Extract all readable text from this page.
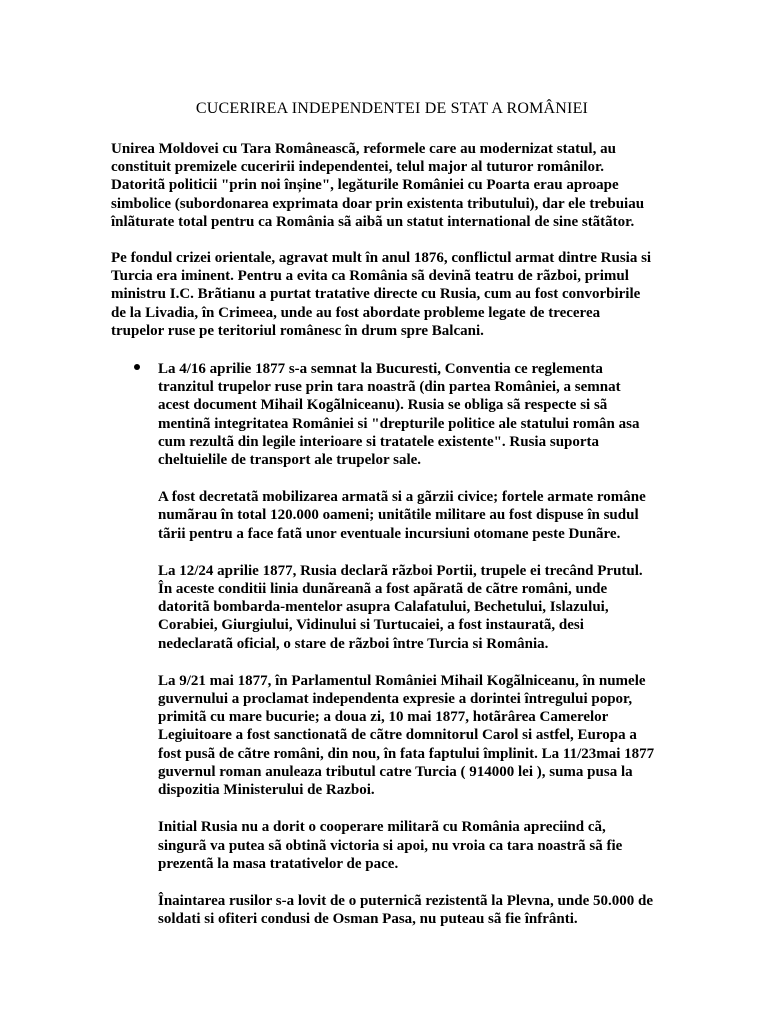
CUCERIREA INDEPENDENTEI DE STAT A ROMÂNIEI

Unirea Moldovei cu Tara Româneascã, reformele care au modernizat statul, au constituit premizele cuceririi independentei, telul major al tuturor românilor. Datoritã politicii "prin noi înșine", legăturile României cu Poarta erau aproape simbolice (subordonarea exprimata doar prin existenta tributului), dar ele trebuiau înlãturate total pentru ca România sã aibã un statut international de sine stãtãtor.

Pe fondul crizei orientale, agravat mult în anul 1876, conflictul armat dintre Rusia si Turcia era iminent. Pentru a evita ca România sã devinã teatru de rãzboi, primul ministru I.C. Brãtianu a purtat tratative directe cu Rusia, cum au fost convorbirile de la Livadia, în Crimeea, unde au fost abordate probleme legate de trecerea trupelor ruse pe teritoriul românesc în drum spre Balcani.

La 4/16 aprilie 1877 s-a semnat la Bucuresti, Conventia ce reglementa tranzitul trupelor ruse prin tara noastrã (din partea României, a semnat acest document Mihail Kogãlniceanu). Rusia se obliga sã respecte si sã mentinã integritatea României si "drepturile politice ale statului român asa cum rezultã din legile interioare si tratatele existente". Rusia suporta cheltuielile de transport ale trupelor sale.

A fost decretatã mobilizarea armatã si a gãrzii civice; fortele armate române numãrau în total 120.000 oameni; unitãtile militare au fost dispuse în sudul tãrii pentru a face fatã unor eventuale incursiuni otomane peste Dunãre.

La 12/24 aprilie 1877, Rusia declarã rãzboi Portii, trupele ei trecând Prutul. În aceste conditii linia dunãreanã a fost apãratã de cãtre români, unde datoritã bombarda-mentelor asupra Calafatului, Bechetului, Islazului, Corabiei, Giurgiului, Vidinului si Turtucaiei, a fost instauratã, desi nedeclaratã oficial, o stare de rãzboi între Turcia si România.

La 9/21 mai 1877, în Parlamentul României Mihail Kogãlniceanu, în numele guvernului a proclamat independenta expresie a dorintei întregului popor, primitã cu mare bucurie; a doua zi, 10 mai 1877, hotãrârea Camerelor Legiuitoare a fost sanctionatã de cãtre domnitorul Carol si astfel, Europa a fost pusã de cãtre români, din nou, în fata faptului împlinit. La 11/23mai 1877 guvernul roman anuleaza tributul catre Turcia ( 914000 lei ), suma pusa la dispozitia Ministerului de Razboi.

Initial Rusia nu a dorit o cooperare militarã cu România apreciind cã, singurã va putea sã obtinã victoria si apoi, nu vroia ca tara noastrã sã fie prezentã la masa tratativelor de pace.

Înaintarea rusilor s-a lovit de o puternicã rezistentã la Plevna, unde 50.000 de soldati si ofiteri condusi de Osman Pasa, nu puteau sã fie înfrânti.
